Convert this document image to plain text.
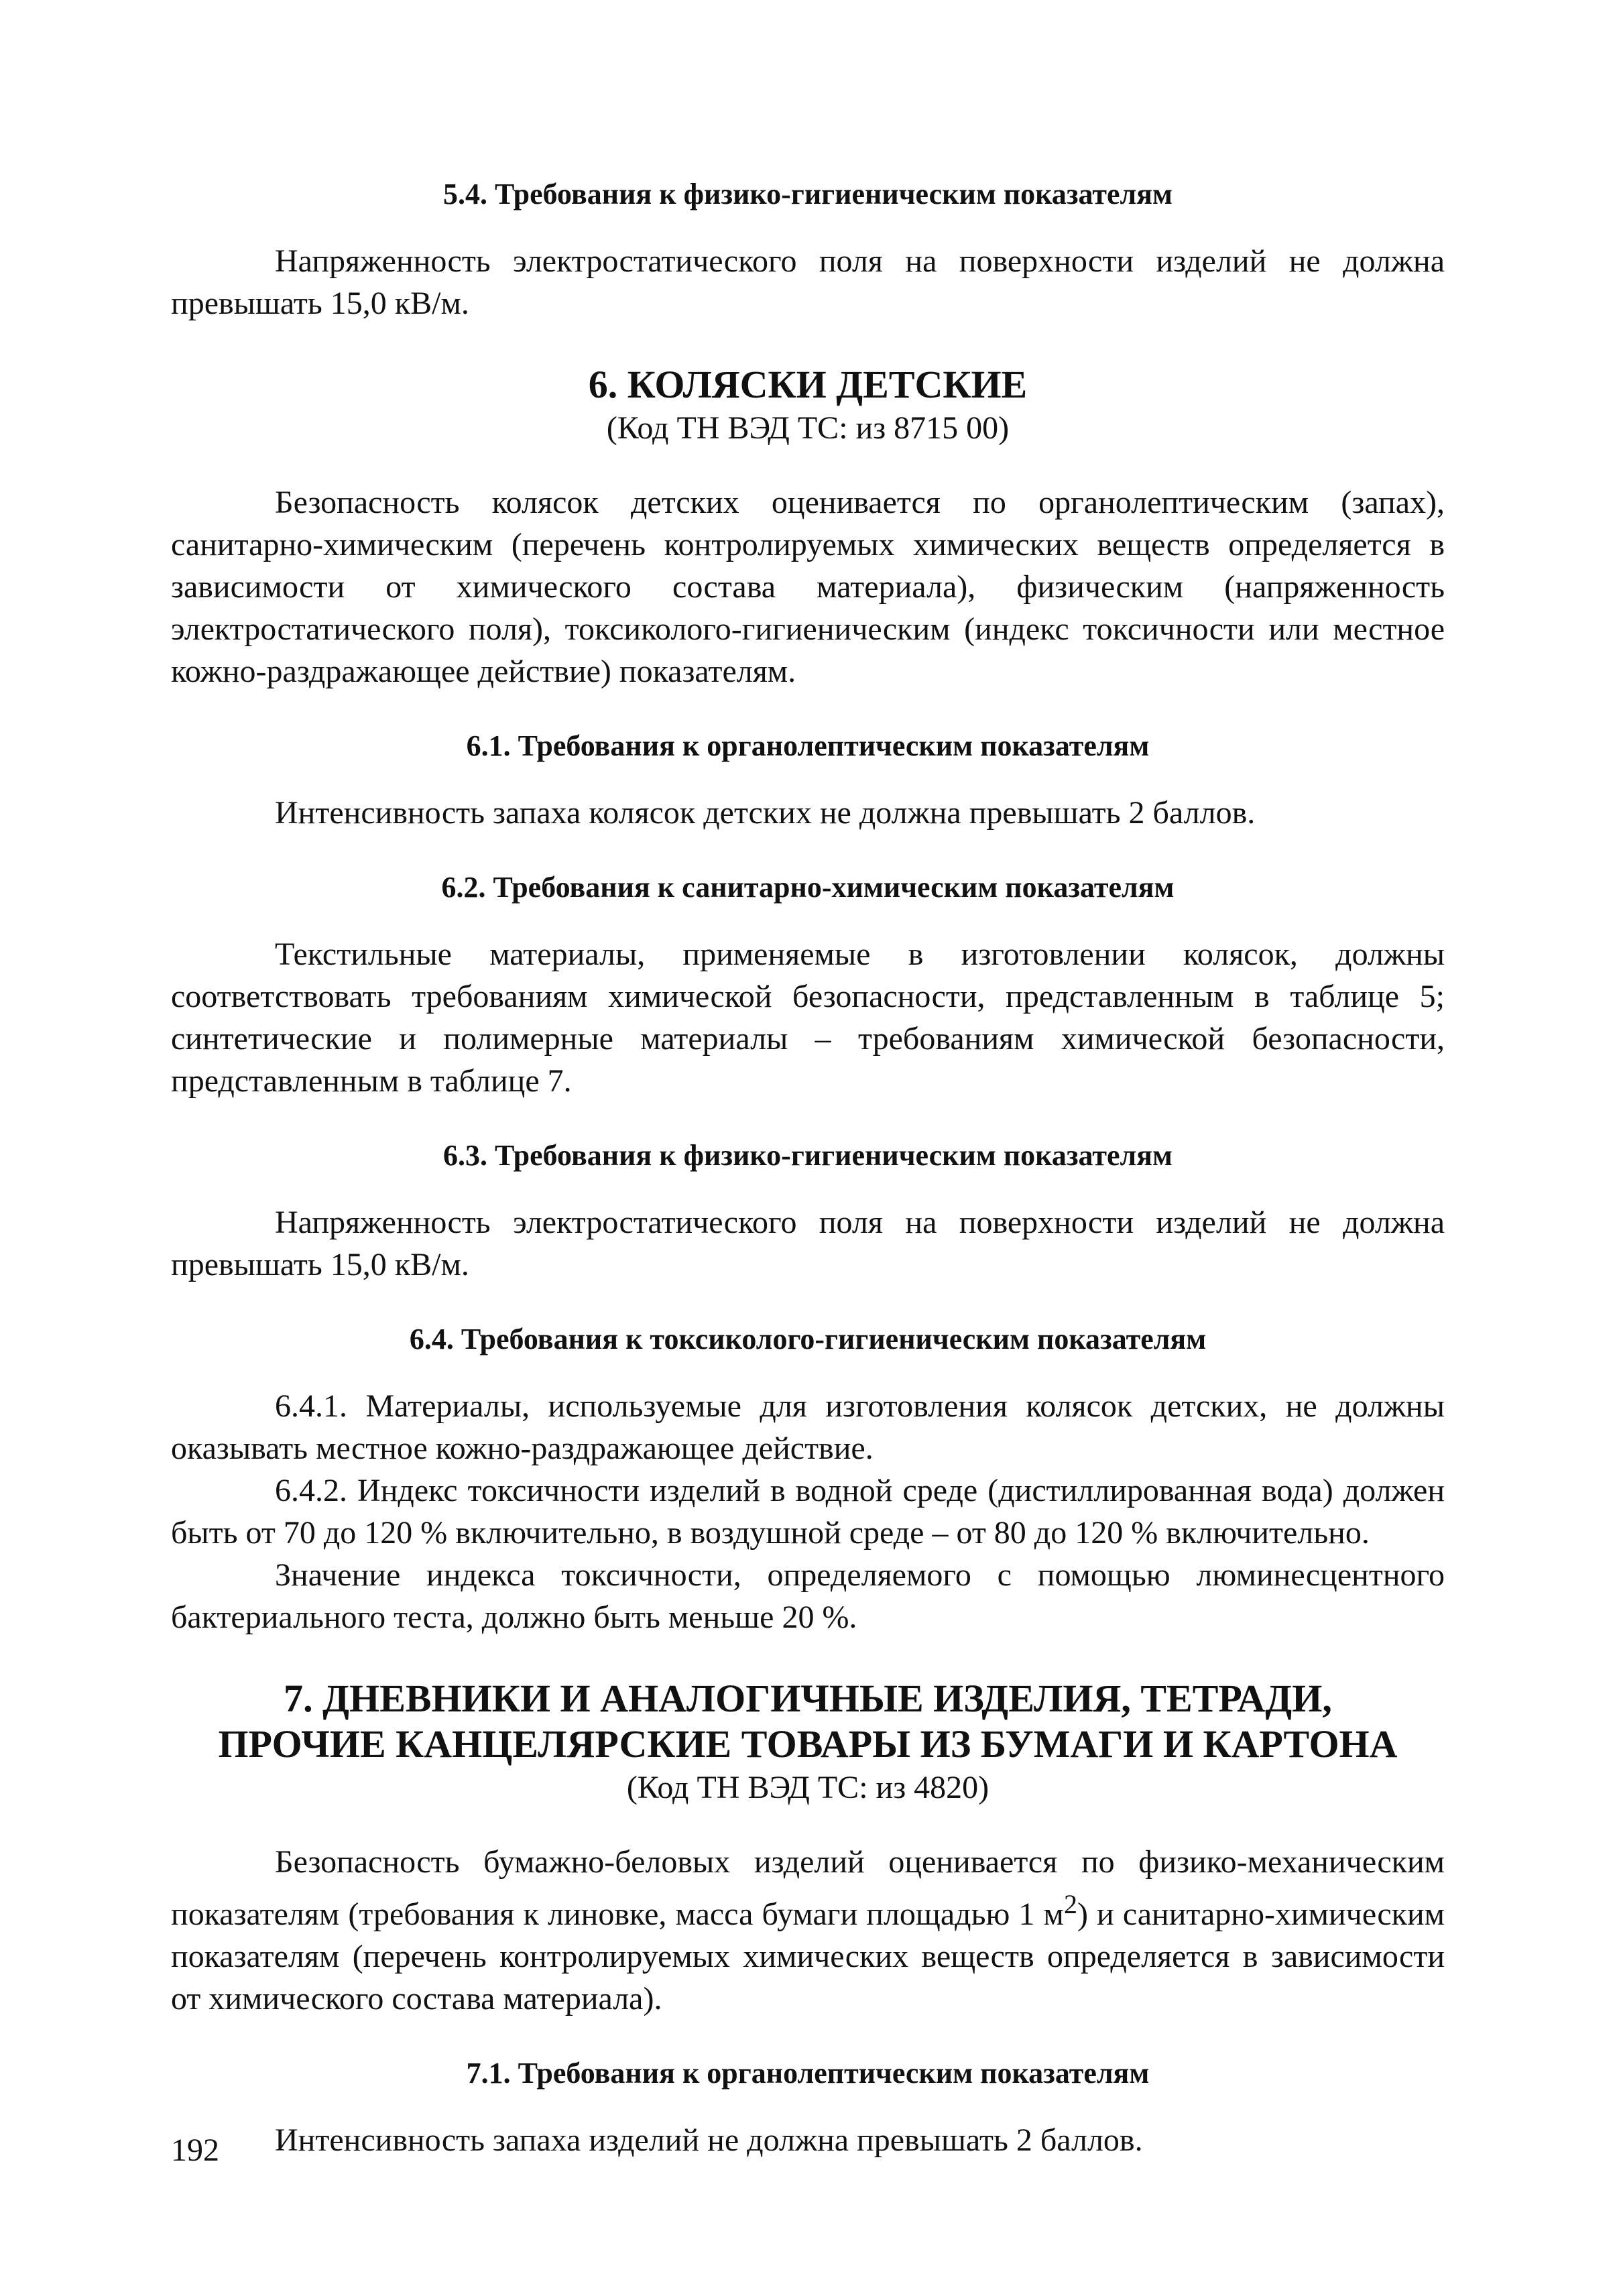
5.4. Требования к физико-гигиеническим показателям

Напряженность электростатического поля на поверхности изделий не должна превышать 15,0 кВ/м.

6. КОЛЯСКИ ДЕТСКИЕ

(Код ТН ВЭД ТС: из 8715 00)

Безопасность колясок детских оценивается по органолептическим (запах), санитарно-химическим (перечень контролируемых химических веществ определяется в зависимости от химического состава материала), физическим (напряженность электростатического поля), токсиколого-гигиеническим (индекс токсичности или местное кожно-раздражающее действие) показателям.

6.1. Требования к органолептическим показателям

Интенсивность запаха колясок детских не должна превышать 2 баллов.

6.2. Требования к санитарно-химическим показателям

Текстильные материалы, применяемые в изготовлении колясок, должны соответствовать требованиям химической безопасности, представленным в таблице 5; синтетические и полимерные материалы – требованиям химической безопасности, представленным в таблице 7.

6.3. Требования к физико-гигиеническим показателям

Напряженность электростатического поля на поверхности изделий не должна превышать 15,0 кВ/м.

6.4. Требования к токсиколого-гигиеническим показателям

6.4.1. Материалы, используемые для изготовления колясок детских, не должны оказывать местное кожно-раздражающее действие.

6.4.2. Индекс токсичности изделий в водной среде (дистиллированная вода) должен быть от 70 до 120 % включительно, в воздушной среде – от 80 до 120 % включительно.

Значение индекса токсичности, определяемого с помощью люминесцентного бактериального теста, должно быть меньше 20 %.

7. ДНЕВНИКИ И АНАЛОГИЧНЫЕ ИЗДЕЛИЯ, ТЕТРАДИ,
ПРОЧИЕ КАНЦЕЛЯРСКИЕ ТОВАРЫ ИЗ БУМАГИ И КАРТОНА

(Код ТН ВЭД ТС: из 4820)

Безопасность бумажно-беловых изделий оценивается по физико-механическим показателям (требования к линовке, масса бумаги площадью 1 $м^2$) и санитарно-химическим показателям (перечень контролируемых химических веществ определяется в зависимости от химического состава материала).

7.1. Требования к органолептическим показателям

Интенсивность запаха изделий не должна превышать 2 баллов.

192
